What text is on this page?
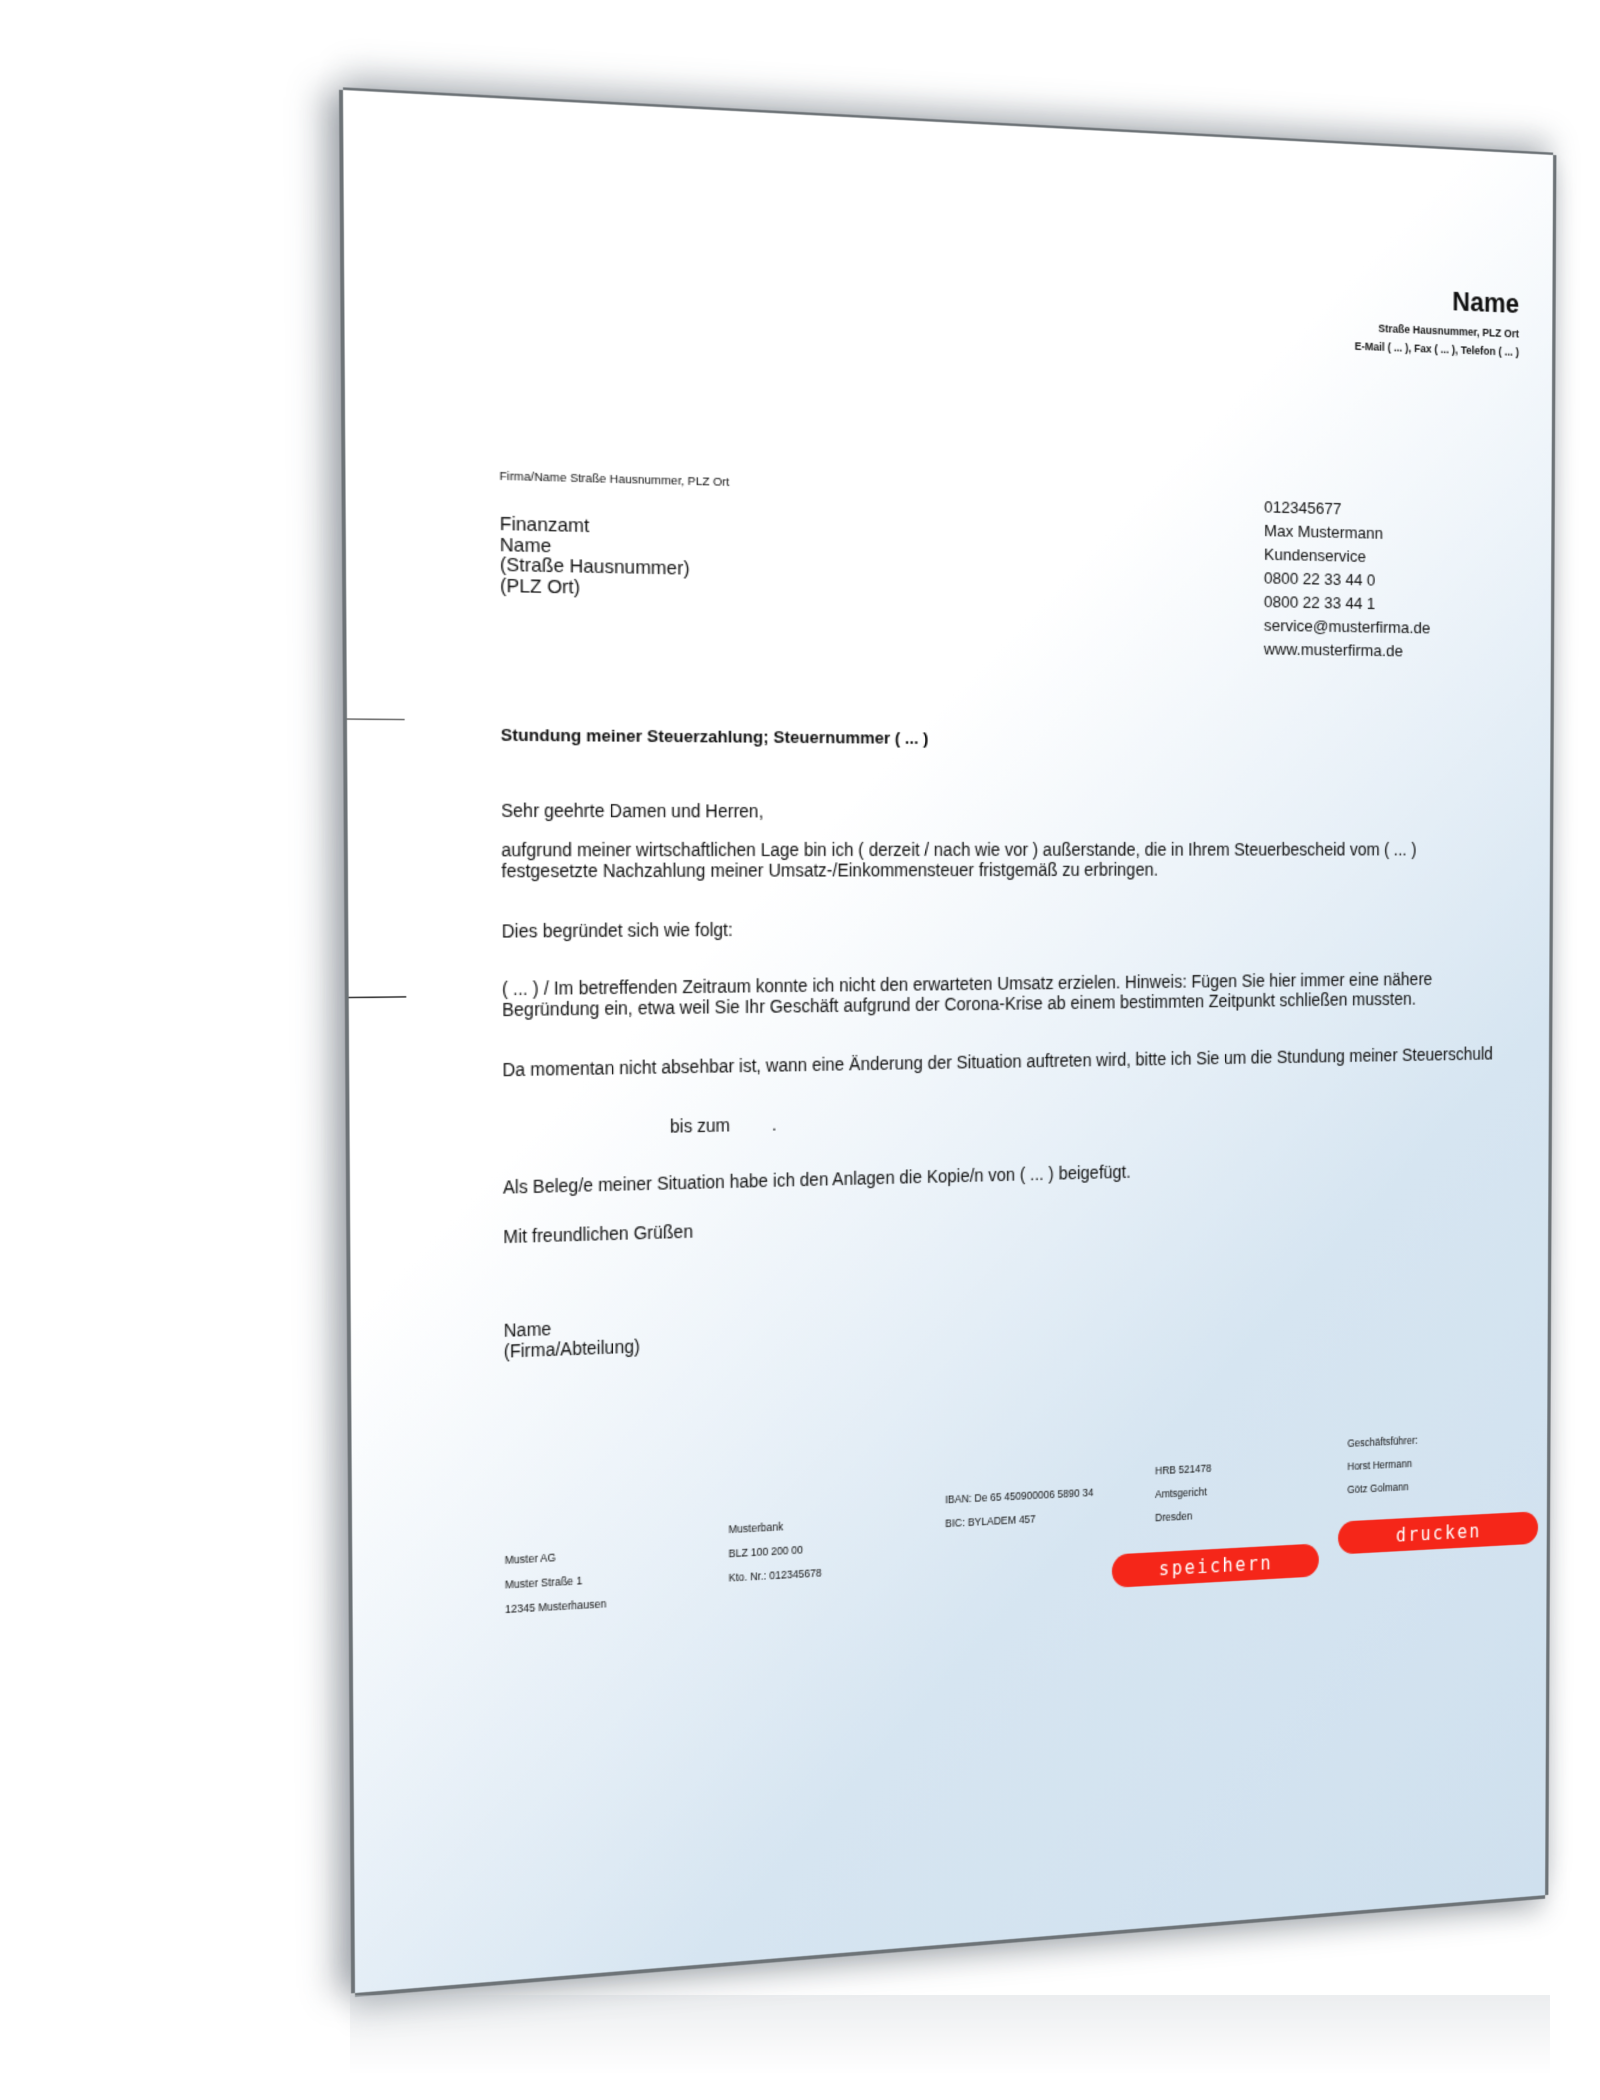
Name
Straße Hausnummer, PLZ Ort
E-Mail ( ... ), Fax ( ... ), Telefon ( ... )
Firma/Name Straße Hausnummer, PLZ Ort
Finanzamt
Name
(Straße Hausnummer)
(PLZ Ort)
012345677
Max Mustermann
Kundenservice
0800 22 33 44 0
0800 22 33 44 1
service@musterfirma.de
www.musterfirma.de
Stundung meiner Steuerzahlung; Steuernummer ( ... )
Sehr geehrte Damen und Herren,
aufgrund meiner wirtschaftlichen Lage bin ich ( derzeit / nach wie vor ) außerstande, die in Ihrem Steuerbescheid vom ( ... ) festgesetzte Nachzahlung meiner Umsatz-/Einkommensteuer fristgemäß zu erbringen.
Dies begründet sich wie folgt:
( ... ) / Im betreffenden Zeitraum konnte ich nicht den erwarteten Umsatz erzielen. Hinweis: Fügen Sie hier immer eine nähere Begründung ein, etwa weil Sie Ihr Geschäft aufgrund der Corona-Krise ab einem bestimmten Zeitpunkt schließen mussten.
Da momentan nicht absehbar ist, wann eine Änderung der Situation auftreten wird, bitte ich Sie um die Stundung meiner Steuerschuld
bis zum	.
Als Beleg/e meiner Situation habe ich den Anlagen die Kopie/n von ( ... ) beigefügt.
Mit freundlichen Grüßen
Name
(Firma/Abteilung)
Muster AG
Muster Straße 1
12345 Musterhausen
Musterbank
BLZ 100 200 00
Kto. Nr.: 012345678
IBAN: De 65 450900006 5890 34
BIC: BYLADEM 457
HRB 521478
Amtsgericht
Dresden
Geschäftsführer:
Horst Hermann
Götz Golmann
speichern
drucken
